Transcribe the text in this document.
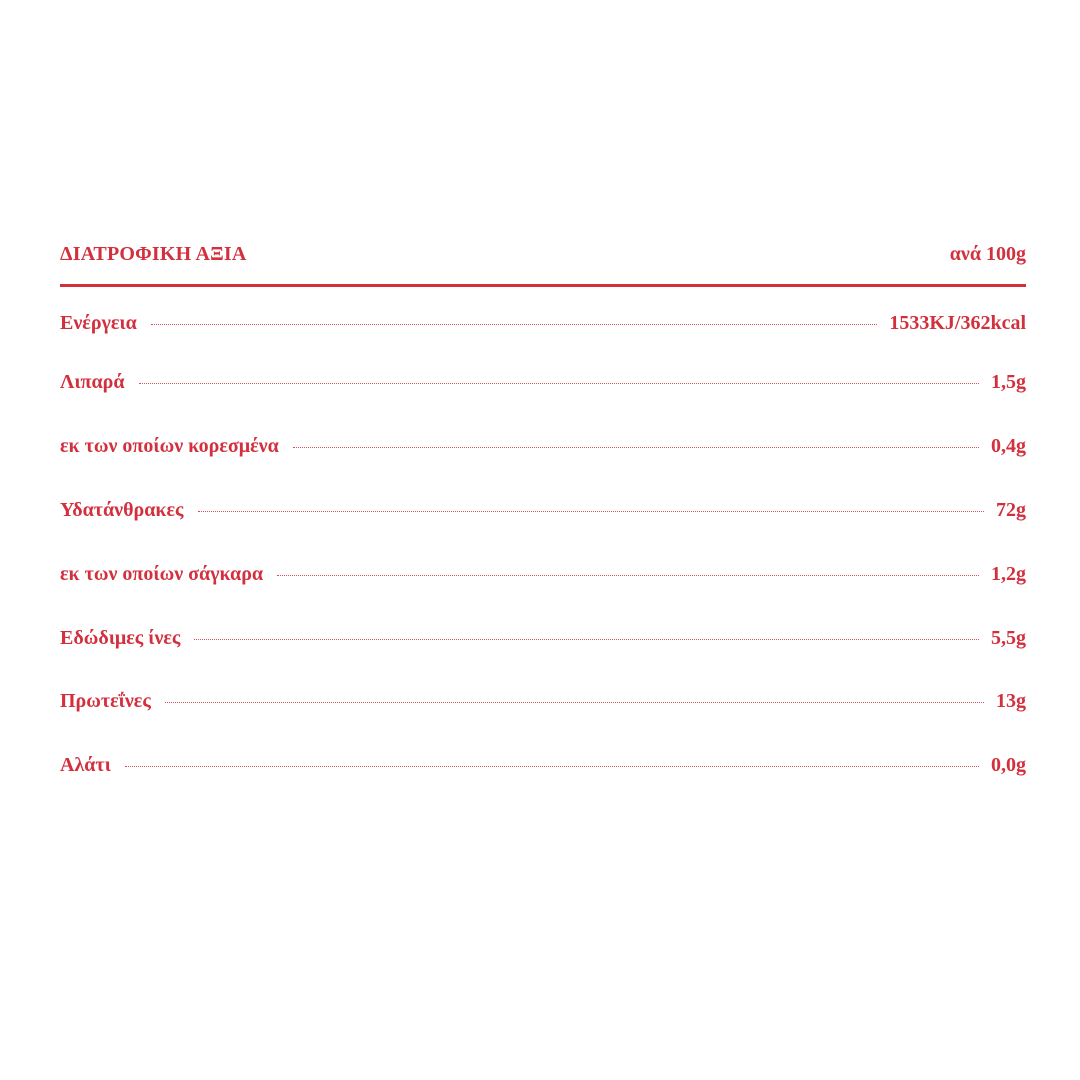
ΔΙΑΤΡΟΦΙΚΗ ΑΞΙΑ	ανά 100g
Ενέργεια	1533KJ/362kcal
Λιπαρά	1,5g
εκ των οποίων κορεσμένα	0,4g
Υδατάνθρακες	72g
εκ των οποίων σάγκαρα	1,2g
Εδώδιμες ίνες	5,5g
Πρωτεΐνες	13g
Αλάτι	0,0g
